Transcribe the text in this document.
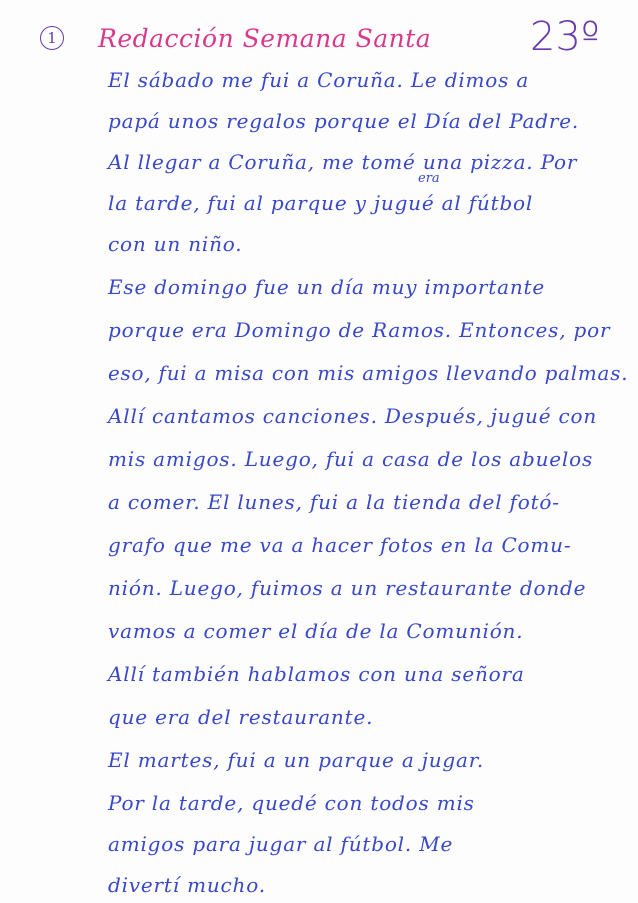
1 Redacción Semana Santa 23º
era
El sábado me fui a Coruña. Le dimos a
papá unos regalos porque el Día del Padre.
Al llegar a Coruña, me tomé una pizza. Por
la tarde, fui al parque y jugué al fútbol
con un niño.
Ese domingo fue un día muy importante
porque era Domingo de Ramos. Entonces, por
eso, fui a misa con mis amigos llevando palmas.
Allí cantamos canciones. Después, jugué con
mis amigos. Luego, fui a casa de los abuelos
a comer. El lunes, fui a la tienda del fotó-
grafo que me va a hacer fotos en la Comu-
nión. Luego, fuimos a un restaurante donde
vamos a comer el día de la Comunión.
Allí también hablamos con una señora
que era del restaurante.
El martes, fui a un parque a jugar.
Por la tarde, quedé con todos mis
amigos para jugar al fútbol. Me
divertí mucho.
